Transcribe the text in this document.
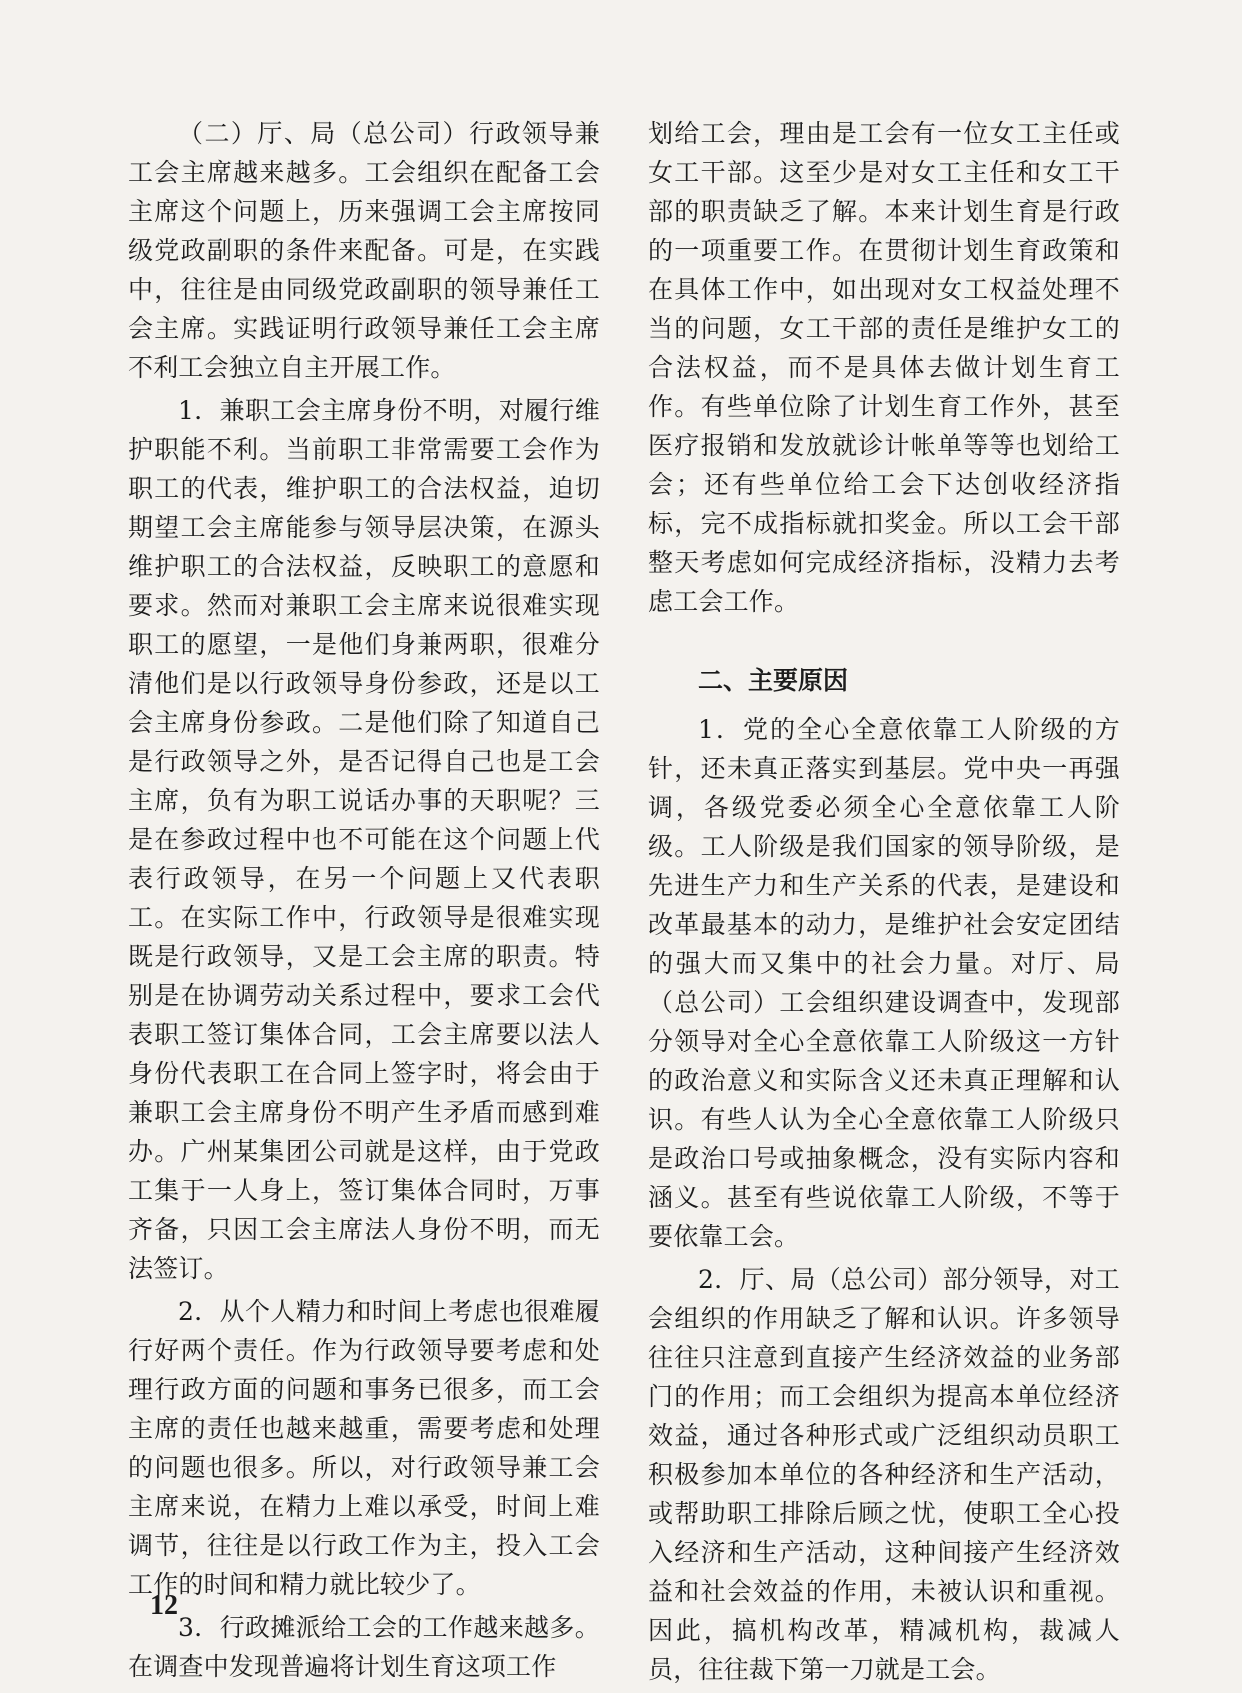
（二）厅、局（总公司）行政领导兼工会主席越来越多。工会组织在配备工会主席这个问题上，历来强调工会主席按同级党政副职的条件来配备。可是，在实践中，往往是由同级党政副职的领导兼任工会主席。实践证明行政领导兼任工会主席不利工会独立自主开展工作。

1．兼职工会主席身份不明，对履行维护职能不利。当前职工非常需要工会作为职工的代表，维护职工的合法权益，迫切期望工会主席能参与领导层决策，在源头维护职工的合法权益，反映职工的意愿和要求。然而对兼职工会主席来说很难实现职工的愿望，一是他们身兼两职，很难分清他们是以行政领导身份参政，还是以工会主席身份参政。二是他们除了知道自己是行政领导之外，是否记得自己也是工会主席，负有为职工说话办事的天职呢？三是在参政过程中也不可能在这个问题上代表行政领导，在另一个问题上又代表职工。在实际工作中，行政领导是很难实现既是行政领导，又是工会主席的职责。特别是在协调劳动关系过程中，要求工会代表职工签订集体合同，工会主席要以法人身份代表职工在合同上签字时，将会由于兼职工会主席身份不明产生矛盾而感到难办。广州某集团公司就是这样，由于党政工集于一人身上，签订集体合同时，万事齐备，只因工会主席法人身份不明，而无法签订。

2．从个人精力和时间上考虑也很难履行好两个责任。作为行政领导要考虑和处理行政方面的问题和事务已很多，而工会主席的责任也越来越重，需要考虑和处理的问题也很多。所以，对行政领导兼工会主席来说，在精力上难以承受，时间上难调节，往往是以行政工作为主，投入工会工作的时间和精力就比较少了。

3．行政摊派给工会的工作越来越多。在调查中发现普遍将计划生育这项工作

划给工会，理由是工会有一位女工主任或女工干部。这至少是对女工主任和女工干部的职责缺乏了解。本来计划生育是行政的一项重要工作。在贯彻计划生育政策和在具体工作中，如出现对女工权益处理不当的问题，女工干部的责任是维护女工的合法权益，而不是具体去做计划生育工作。有些单位除了计划生育工作外，甚至医疗报销和发放就诊计帐单等等也划给工会；还有些单位给工会下达创收经济指标，完不成指标就扣奖金。所以工会干部整天考虑如何完成经济指标，没精力去考虑工会工作。

二、主要原因

1．党的全心全意依靠工人阶级的方针，还未真正落实到基层。党中央一再强调，各级党委必须全心全意依靠工人阶级。工人阶级是我们国家的领导阶级，是先进生产力和生产关系的代表，是建设和改革最基本的动力，是维护社会安定团结的强大而又集中的社会力量。对厅、局（总公司）工会组织建设调查中，发现部分领导对全心全意依靠工人阶级这一方针的政治意义和实际含义还未真正理解和认识。有些人认为全心全意依靠工人阶级只是政治口号或抽象概念，没有实际内容和涵义。甚至有些说依靠工人阶级，不等于要依靠工会。

2．厅、局（总公司）部分领导，对工会组织的作用缺乏了解和认识。许多领导往往只注意到直接产生经济效益的业务部门的作用；而工会组织为提高本单位经济效益，通过各种形式或广泛组织动员职工积极参加本单位的各种经济和生产活动，或帮助职工排除后顾之忧，使职工全心投入经济和生产活动，这种间接产生经济效益和社会效益的作用，未被认识和重视。因此，搞机构改革，精减机构，裁减人员，往往裁下第一刀就是工会。

12
